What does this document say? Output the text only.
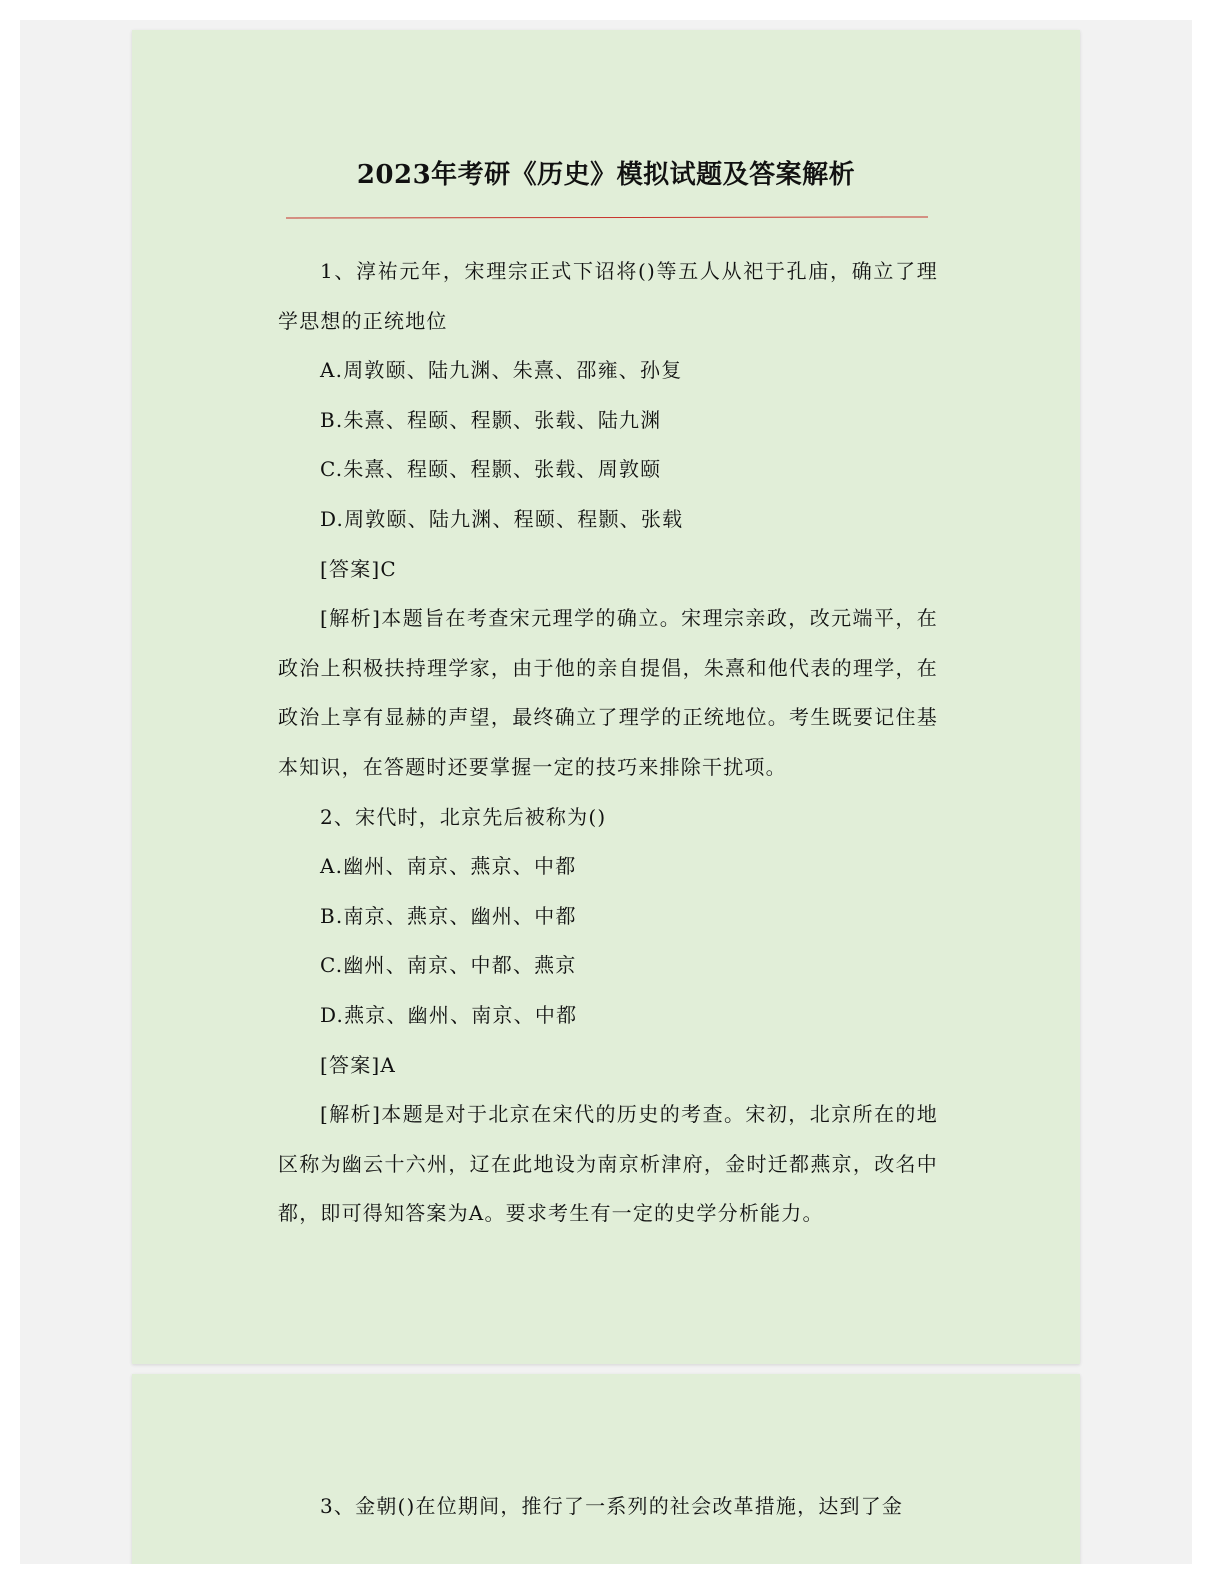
2023年考研《历史》模拟试题及答案解析

1、淳祐元年，宋理宗正式下诏将()等五人从祀于孔庙，确立了理学思想的正统地位

A.周敦颐、陆九渊、朱熹、邵雍、孙复

B.朱熹、程颐、程颢、张载、陆九渊

C.朱熹、程颐、程颢、张载、周敦颐

D.周敦颐、陆九渊、程颐、程颢、张载

[答案]C

[解析]本题旨在考查宋元理学的确立。宋理宗亲政，改元端平，在政治上积极扶持理学家，由于他的亲自提倡，朱熹和他代表的理学，在政治上享有显赫的声望，最终确立了理学的正统地位。考生既要记住基本知识，在答题时还要掌握一定的技巧来排除干扰项。

2、宋代时，北京先后被称为()

A.幽州、南京、燕京、中都

B.南京、燕京、幽州、中都

C.幽州、南京、中都、燕京

D.燕京、幽州、南京、中都

[答案]A

[解析]本题是对于北京在宋代的历史的考查。宋初，北京所在的地区称为幽云十六州，辽在此地设为南京析津府，金时迁都燕京，改名中都，即可得知答案为A。要求考生有一定的史学分析能力。

3、金朝()在位期间，推行了一系列的社会改革措施，达到了金
